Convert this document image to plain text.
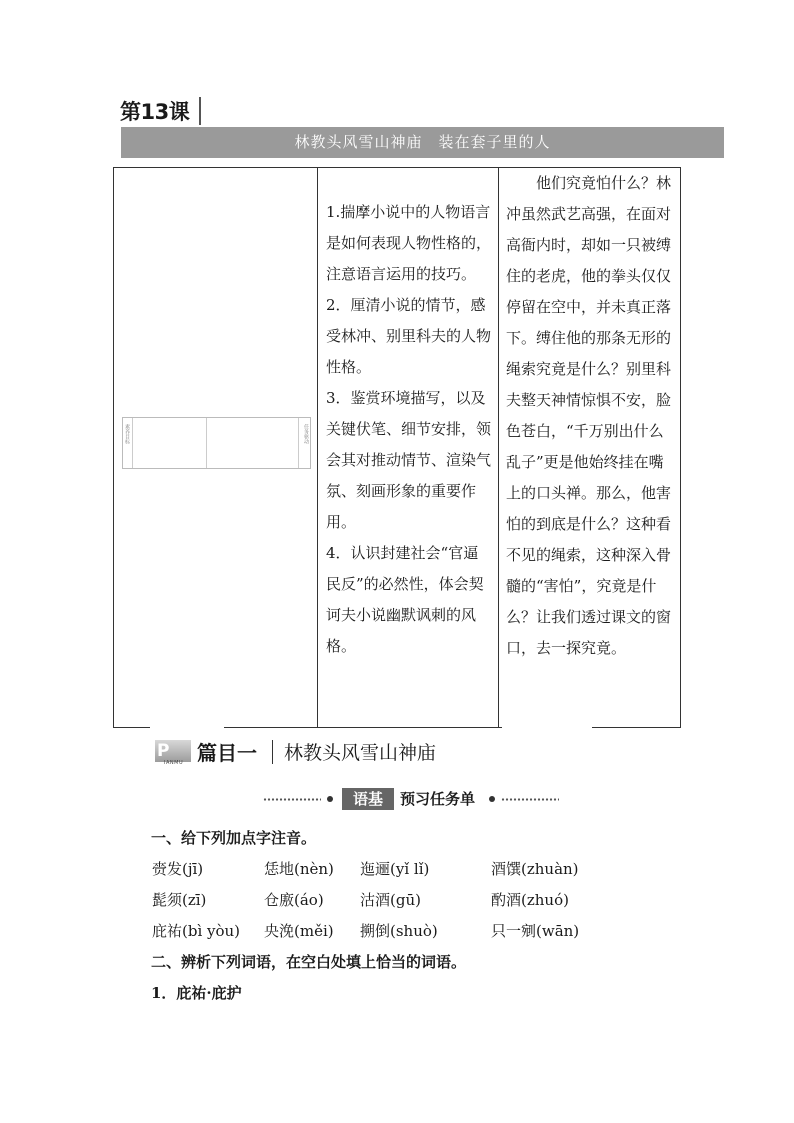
第13课
林教头风雪山神庙　装在套子里的人
素养目标	任务驱动

1.揣摩小说中的人物语言是如何表现人物性格的，注意语言运用的技巧。

2．厘清小说的情节，感受林冲、别里科夫的人物性格。

3．鉴赏环境描写，以及关键伏笔、细节安排，领会其对推动情节、渲染气氛、刻画形象的重要作用。

4．认识封建社会“官逼民反”的必然性，体会契诃夫小说幽默讽刺的风格。

他们究竟怕什么？林冲虽然武艺高强，在面对高衙内时，却如一只被缚住的老虎，他的拳头仅仅停留在空中，并未真正落下。缚住他的那条无形的绳索究竟是什么？别里科夫整天神情惊惧不安，脸色苍白，“千万别出什么乱子”更是他始终挂在嘴上的口头禅。那么，他害怕的到底是什么？这种看不见的绳索，这种深入骨髓的“害怕”，究竟是什么？让我们透过课文的窗口，去一探究竟。

P
IANMU 篇目一 林教头风雪山神庙
语基	预习任务单
一、给下列加点字注音。
赍发(jī)	恁地(nèn) 迤逦(yǐ lǐ)	酒馔(zhuàn)
髭须(zī)	仓廒(áo) 沽酒(gū)	酌酒(zhuó)
庇祐(bì yòu) 央浼(měi) 搠倒(shuò)	只一剜(wān)
二、辨析下列词语，在空白处填上恰当的词语。
1．庇祐·庇护
